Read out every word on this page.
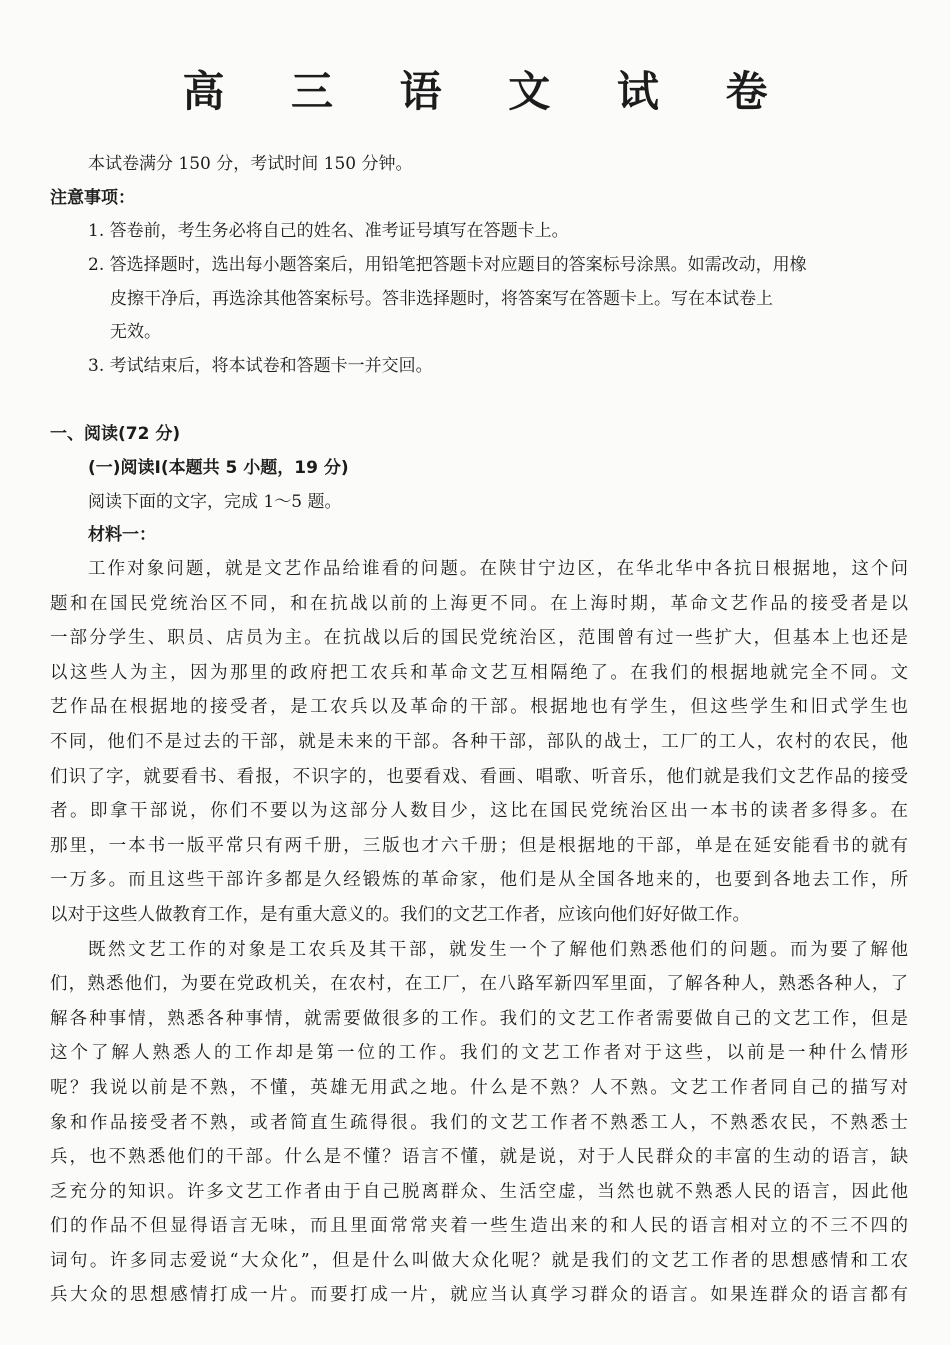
高 三 语 文 试 卷
本试卷满分 150 分，考试时间 150 分钟。
注意事项：
1. 答卷前，考生务必将自己的姓名、准考证号填写在答题卡上。
2. 答选择题时，选出每小题答案后，用铅笔把答题卡对应题目的答案标号涂黑。如需改动，用橡
皮擦干净后，再选涂其他答案标号。答非选择题时，将答案写在答题卡上。写在本试卷上
无效。
3. 考试结束后，将本试卷和答题卡一并交回。
一、阅读(72 分)
(一)阅读Ⅰ(本题共 5 小题，19 分)
阅读下面的文字，完成 1～5 题。
材料一：
工作对象问题，就是文艺作品给谁看的问题。在陕甘宁边区，在华北华中各抗日根据地，这个问
题和在国民党统治区不同，和在抗战以前的上海更不同。在上海时期，革命文艺作品的接受者是以
一部分学生、职员、店员为主。在抗战以后的国民党统治区，范围曾有过一些扩大，但基本上也还是
以这些人为主，因为那里的政府把工农兵和革命文艺互相隔绝了。在我们的根据地就完全不同。文
艺作品在根据地的接受者，是工农兵以及革命的干部。根据地也有学生，但这些学生和旧式学生也
不同，他们不是过去的干部，就是未来的干部。各种干部，部队的战士，工厂的工人，农村的农民，他
们识了字，就要看书、看报，不识字的，也要看戏、看画、唱歌、听音乐，他们就是我们文艺作品的接受
者。即拿干部说，你们不要以为这部分人数目少，这比在国民党统治区出一本书的读者多得多。在
那里，一本书一版平常只有两千册，三版也才六千册；但是根据地的干部，单是在延安能看书的就有
一万多。而且这些干部许多都是久经锻炼的革命家，他们是从全国各地来的，也要到各地去工作，所
以对于这些人做教育工作，是有重大意义的。我们的文艺工作者，应该向他们好好做工作。
既然文艺工作的对象是工农兵及其干部，就发生一个了解他们熟悉他们的问题。而为要了解他
们，熟悉他们，为要在党政机关，在农村，在工厂，在八路军新四军里面，了解各种人，熟悉各种人，了
解各种事情，熟悉各种事情，就需要做很多的工作。我们的文艺工作者需要做自己的文艺工作，但是
这个了解人熟悉人的工作却是第一位的工作。我们的文艺工作者对于这些，以前是一种什么情形
呢？我说以前是不熟，不懂，英雄无用武之地。什么是不熟？人不熟。文艺工作者同自己的描写对
象和作品接受者不熟，或者简直生疏得很。我们的文艺工作者不熟悉工人，不熟悉农民，不熟悉士
兵，也不熟悉他们的干部。什么是不懂？语言不懂，就是说，对于人民群众的丰富的生动的语言，缺
乏充分的知识。许多文艺工作者由于自己脱离群众、生活空虚，当然也就不熟悉人民的语言，因此他
们的作品不但显得语言无味，而且里面常常夹着一些生造出来的和人民的语言相对立的不三不四的
词句。许多同志爱说“大众化”，但是什么叫做大众化呢？就是我们的文艺工作者的思想感情和工农
兵大众的思想感情打成一片。而要打成一片，就应当认真学习群众的语言。如果连群众的语言都有
